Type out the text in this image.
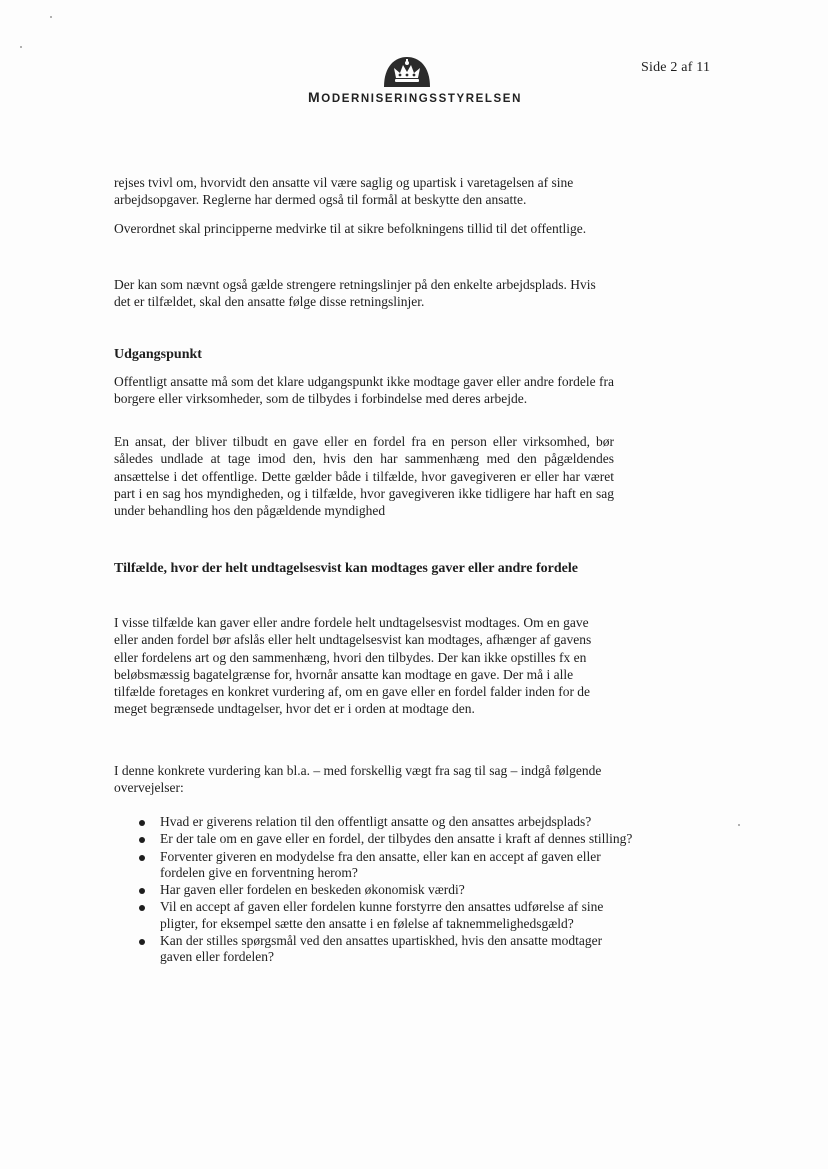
Side 2 af 11
MODERNISERINGSSTYRELSEN

rejses tvivl om, hvorvidt den ansatte vil være saglig og upartisk i varetagelsen af sine arbejdsopgaver. Reglerne har dermed også til formål at beskytte den ansatte.

Overordnet skal principperne medvirke til at sikre befolkningens tillid til det offentlige.

Der kan som nævnt også gælde strengere retningslinjer på den enkelte arbejdsplads. Hvis det er tilfældet, skal den ansatte følge disse retningslinjer.

Udgangspunkt

Offentligt ansatte må som det klare udgangspunkt ikke modtage gaver eller andre fordele fra borgere eller virksomheder, som de tilbydes i forbindelse med deres arbejde.

En ansat, der bliver tilbudt en gave eller en fordel fra en person eller virksomhed, bør således undlade at tage imod den, hvis den har sammenhæng med den pågældendes ansættelse i det offentlige. Dette gælder både i tilfælde, hvor gavegiveren er eller har været part i en sag hos myndigheden, og i tilfælde, hvor gavegiveren ikke tidligere har haft en sag under behandling hos den pågældende myndighed

Tilfælde, hvor der helt undtagelsesvist kan modtages gaver eller andre fordele

I visse tilfælde kan gaver eller andre fordele helt undtagelsesvist modtages. Om en gave eller anden fordel bør afslås eller helt undtagelsesvist kan modtages, afhænger af gavens eller fordelens art og den sammenhæng, hvori den tilbydes. Der kan ikke opstilles fx en beløbsmæssig bagatelgrænse for, hvornår ansatte kan modtage en gave. Der må i alle tilfælde foretages en konkret vurdering af, om en gave eller en fordel falder inden for de meget begrænsede undtagelser, hvor det er i orden at modtage den.

I denne konkrete vurdering kan bl.a. – med forskellig vægt fra sag til sag – indgå følgende overvejelser:

Hvad er giverens relation til den offentligt ansatte og den ansattes arbejdsplads?
Er der tale om en gave eller en fordel, der tilbydes den ansatte i kraft af dennes stilling?
Forventer giveren en modydelse fra den ansatte, eller kan en accept af gaven eller fordelen give en forventning herom?
Har gaven eller fordelen en beskeden økonomisk værdi?
Vil en accept af gaven eller fordelen kunne forstyrre den ansattes udførelse af sine pligter, for eksempel sætte den ansatte i en følelse af taknemmelighedsgæld?
Kan der stilles spørgsmål ved den ansattes upartiskhed, hvis den ansatte modtager gaven eller fordelen?
